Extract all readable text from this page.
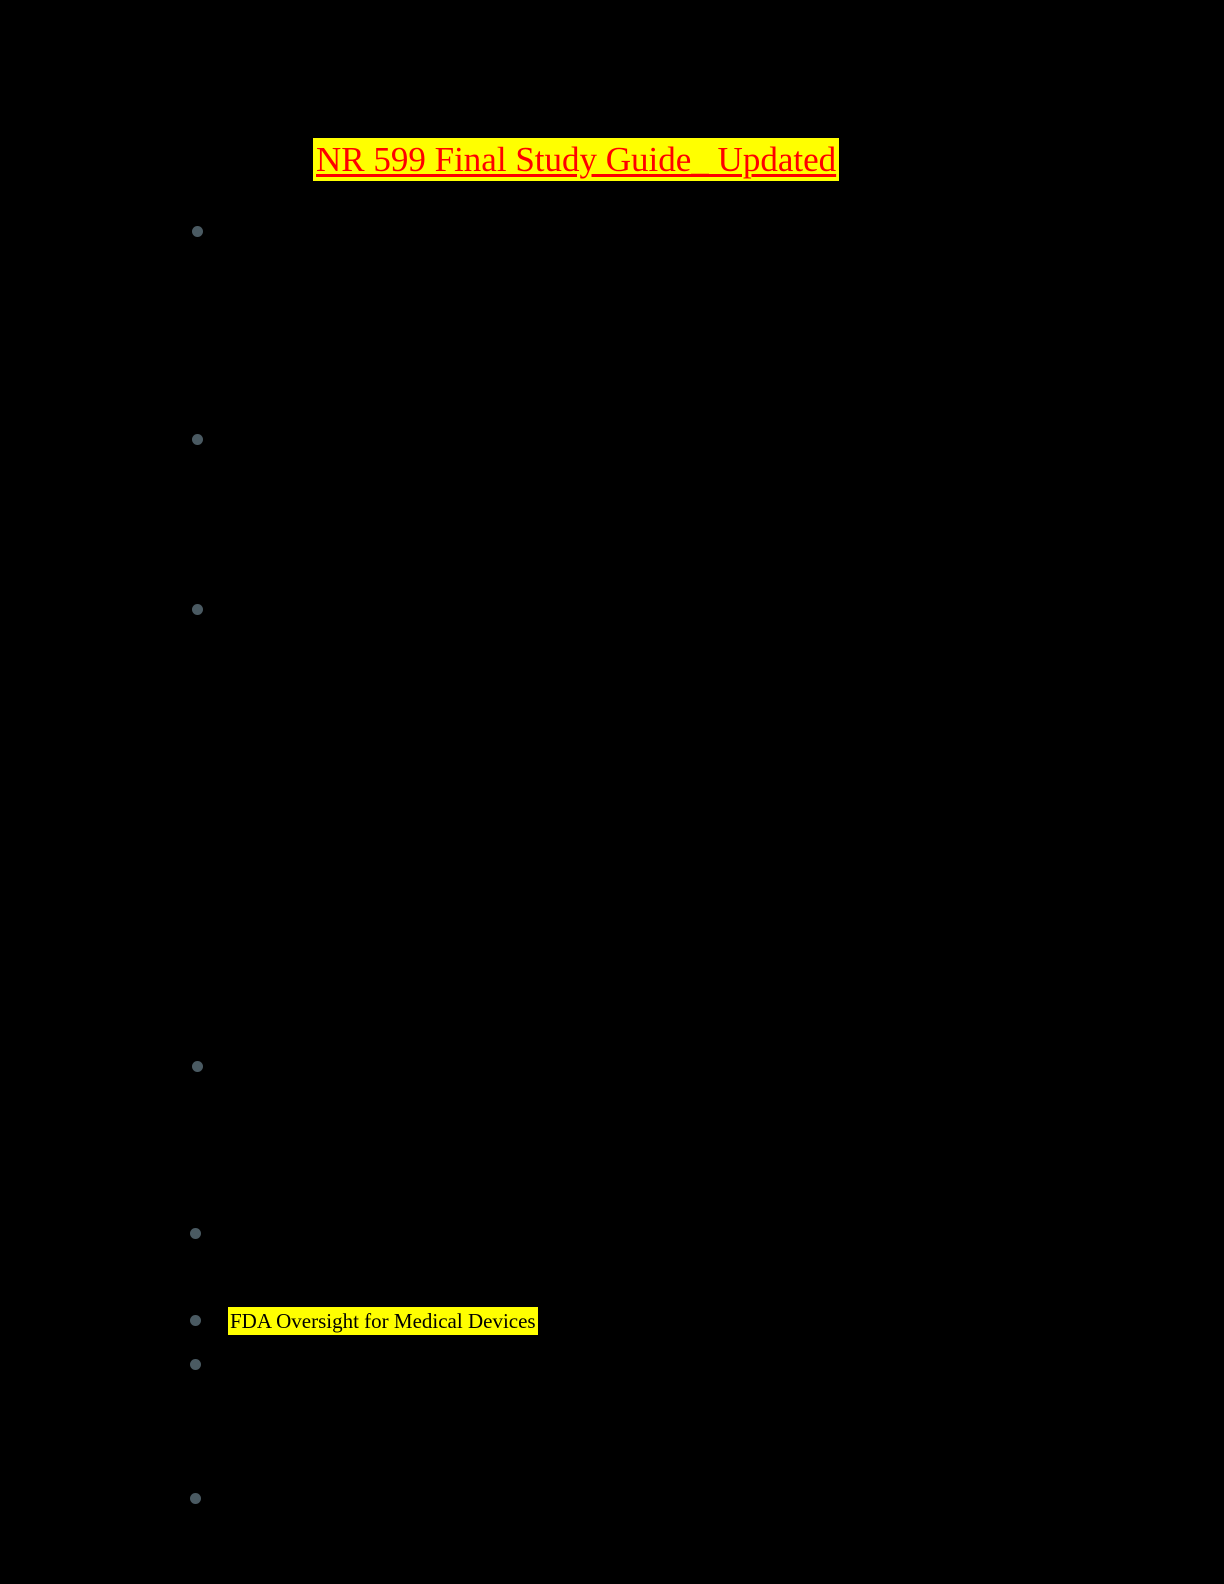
NR 599 Final Study Guide_ Updated
FDA Oversight for Medical Devices
